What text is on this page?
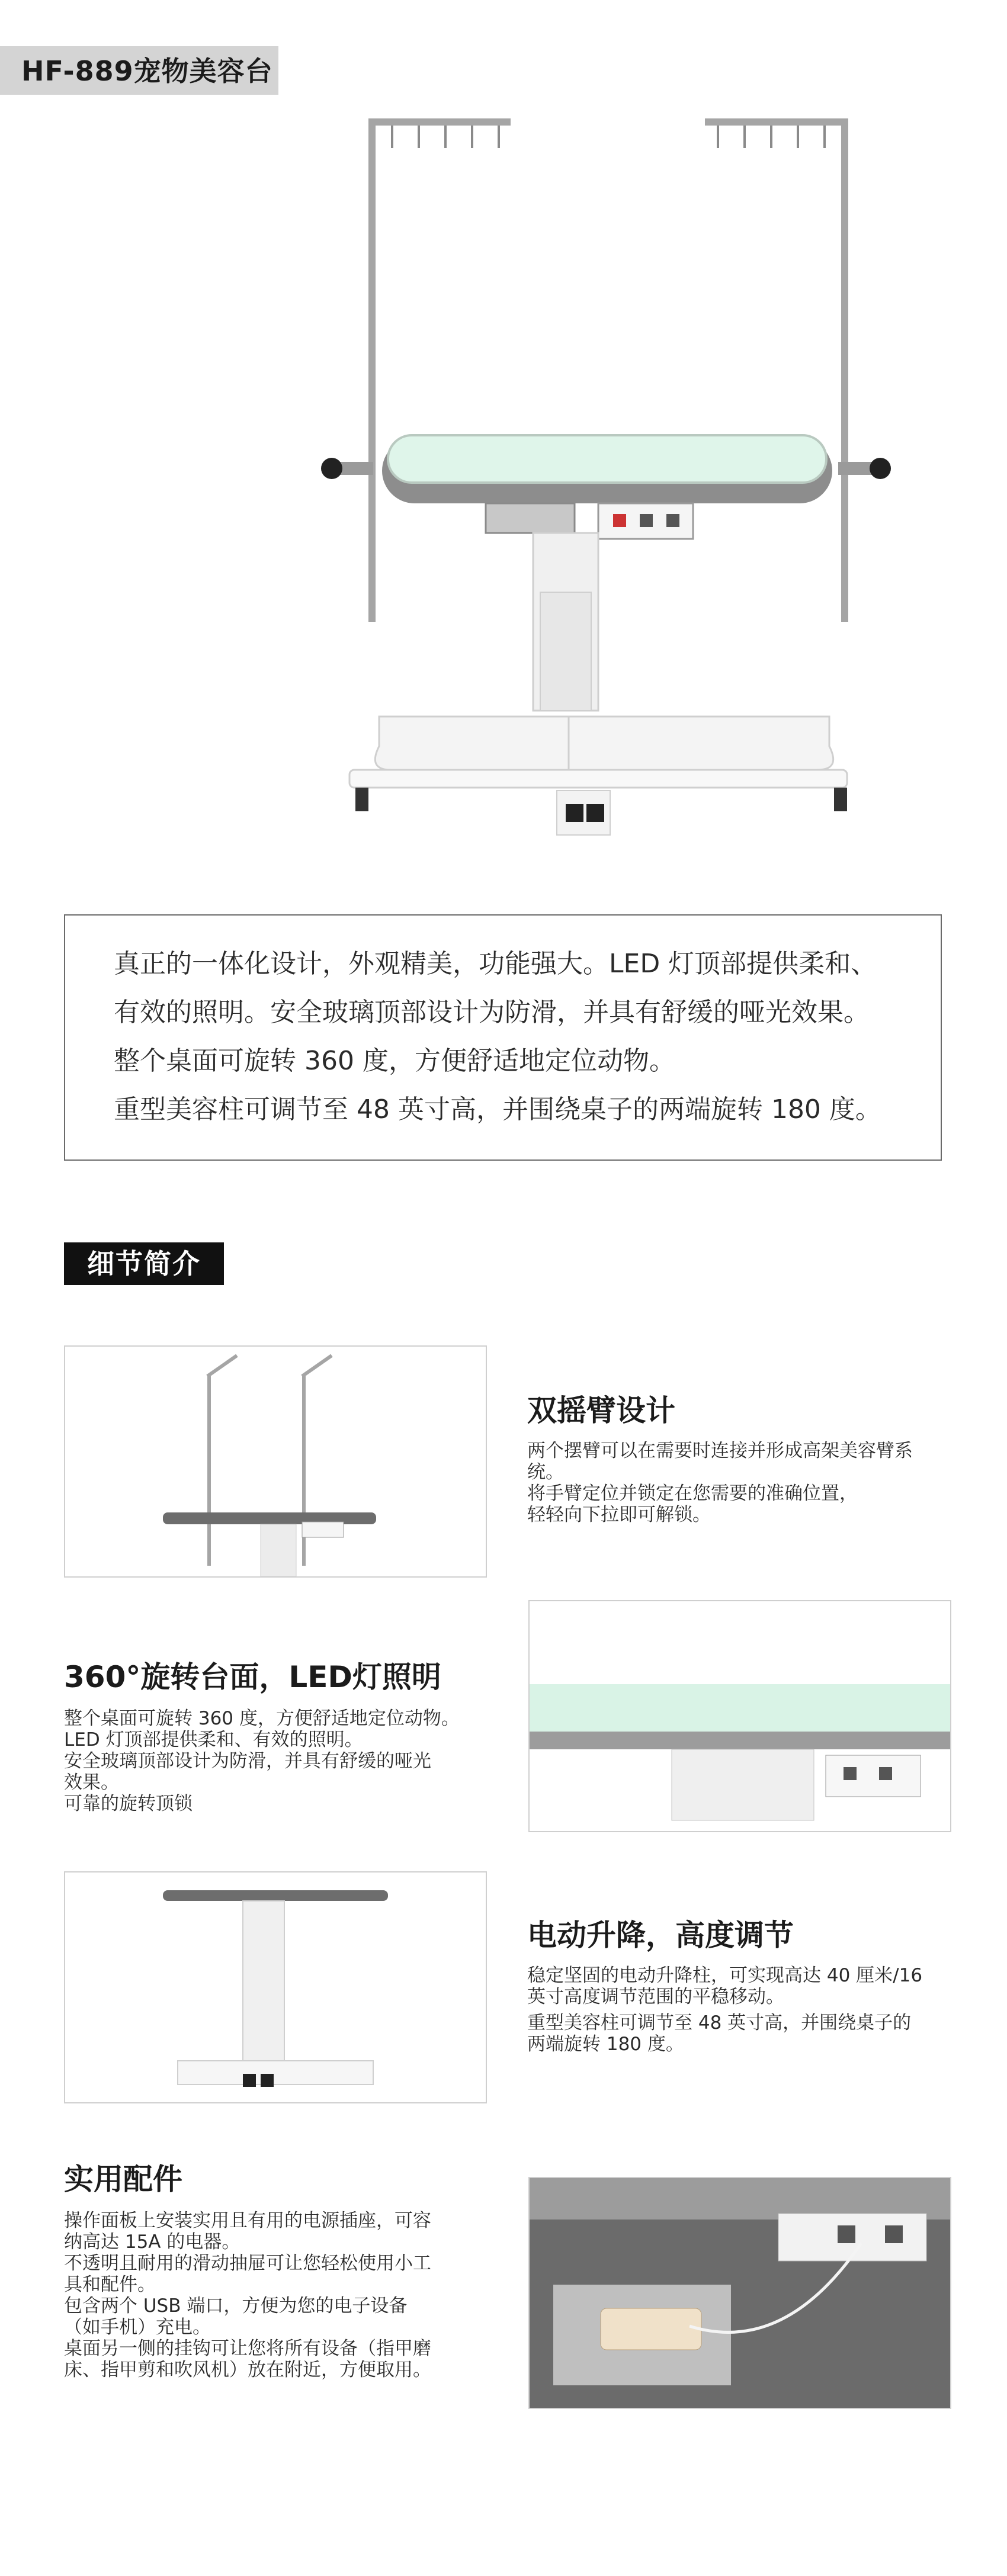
HF-889宠物美容台
真正的一体化设计，外观精美，功能强大。LED 灯顶部提供柔和、
有效的照明。安全玻璃顶部设计为防滑，并具有舒缓的哑光效果。
整个桌面可旋转 360 度，方便舒适地定位动物。
重型美容柱可调节至 48 英寸高，并围绕桌子的两端旋转 180 度。
细节简介
双摇臂设计
两个摆臂可以在需要时连接并形成高架美容臂系
统。
将手臂定位并锁定在您需要的准确位置，
轻轻向下拉即可解锁。
360°旋转台面，LED灯照明
整个桌面可旋转 360 度，方便舒适地定位动物。
LED 灯顶部提供柔和、有效的照明。
安全玻璃顶部设计为防滑，并具有舒缓的哑光
效果。
可靠的旋转顶锁
电动升降，高度调节
稳定坚固的电动升降柱，可实现高达 40 厘米/16
英寸高度调节范围的平稳移动。
重型美容柱可调节至 48 英寸高，并围绕桌子的
两端旋转 180 度。
实用配件
操作面板上安装实用且有用的电源插座，可容
纳高达 15A 的电器。
不透明且耐用的滑动抽屉可让您轻松使用小工
具和配件。
包含两个 USB 端口，方便为您的电子设备
（如手机）充电。
桌面另一侧的挂钩可让您将所有设备（指甲磨
床、指甲剪和吹风机）放在附近，方便取用。
